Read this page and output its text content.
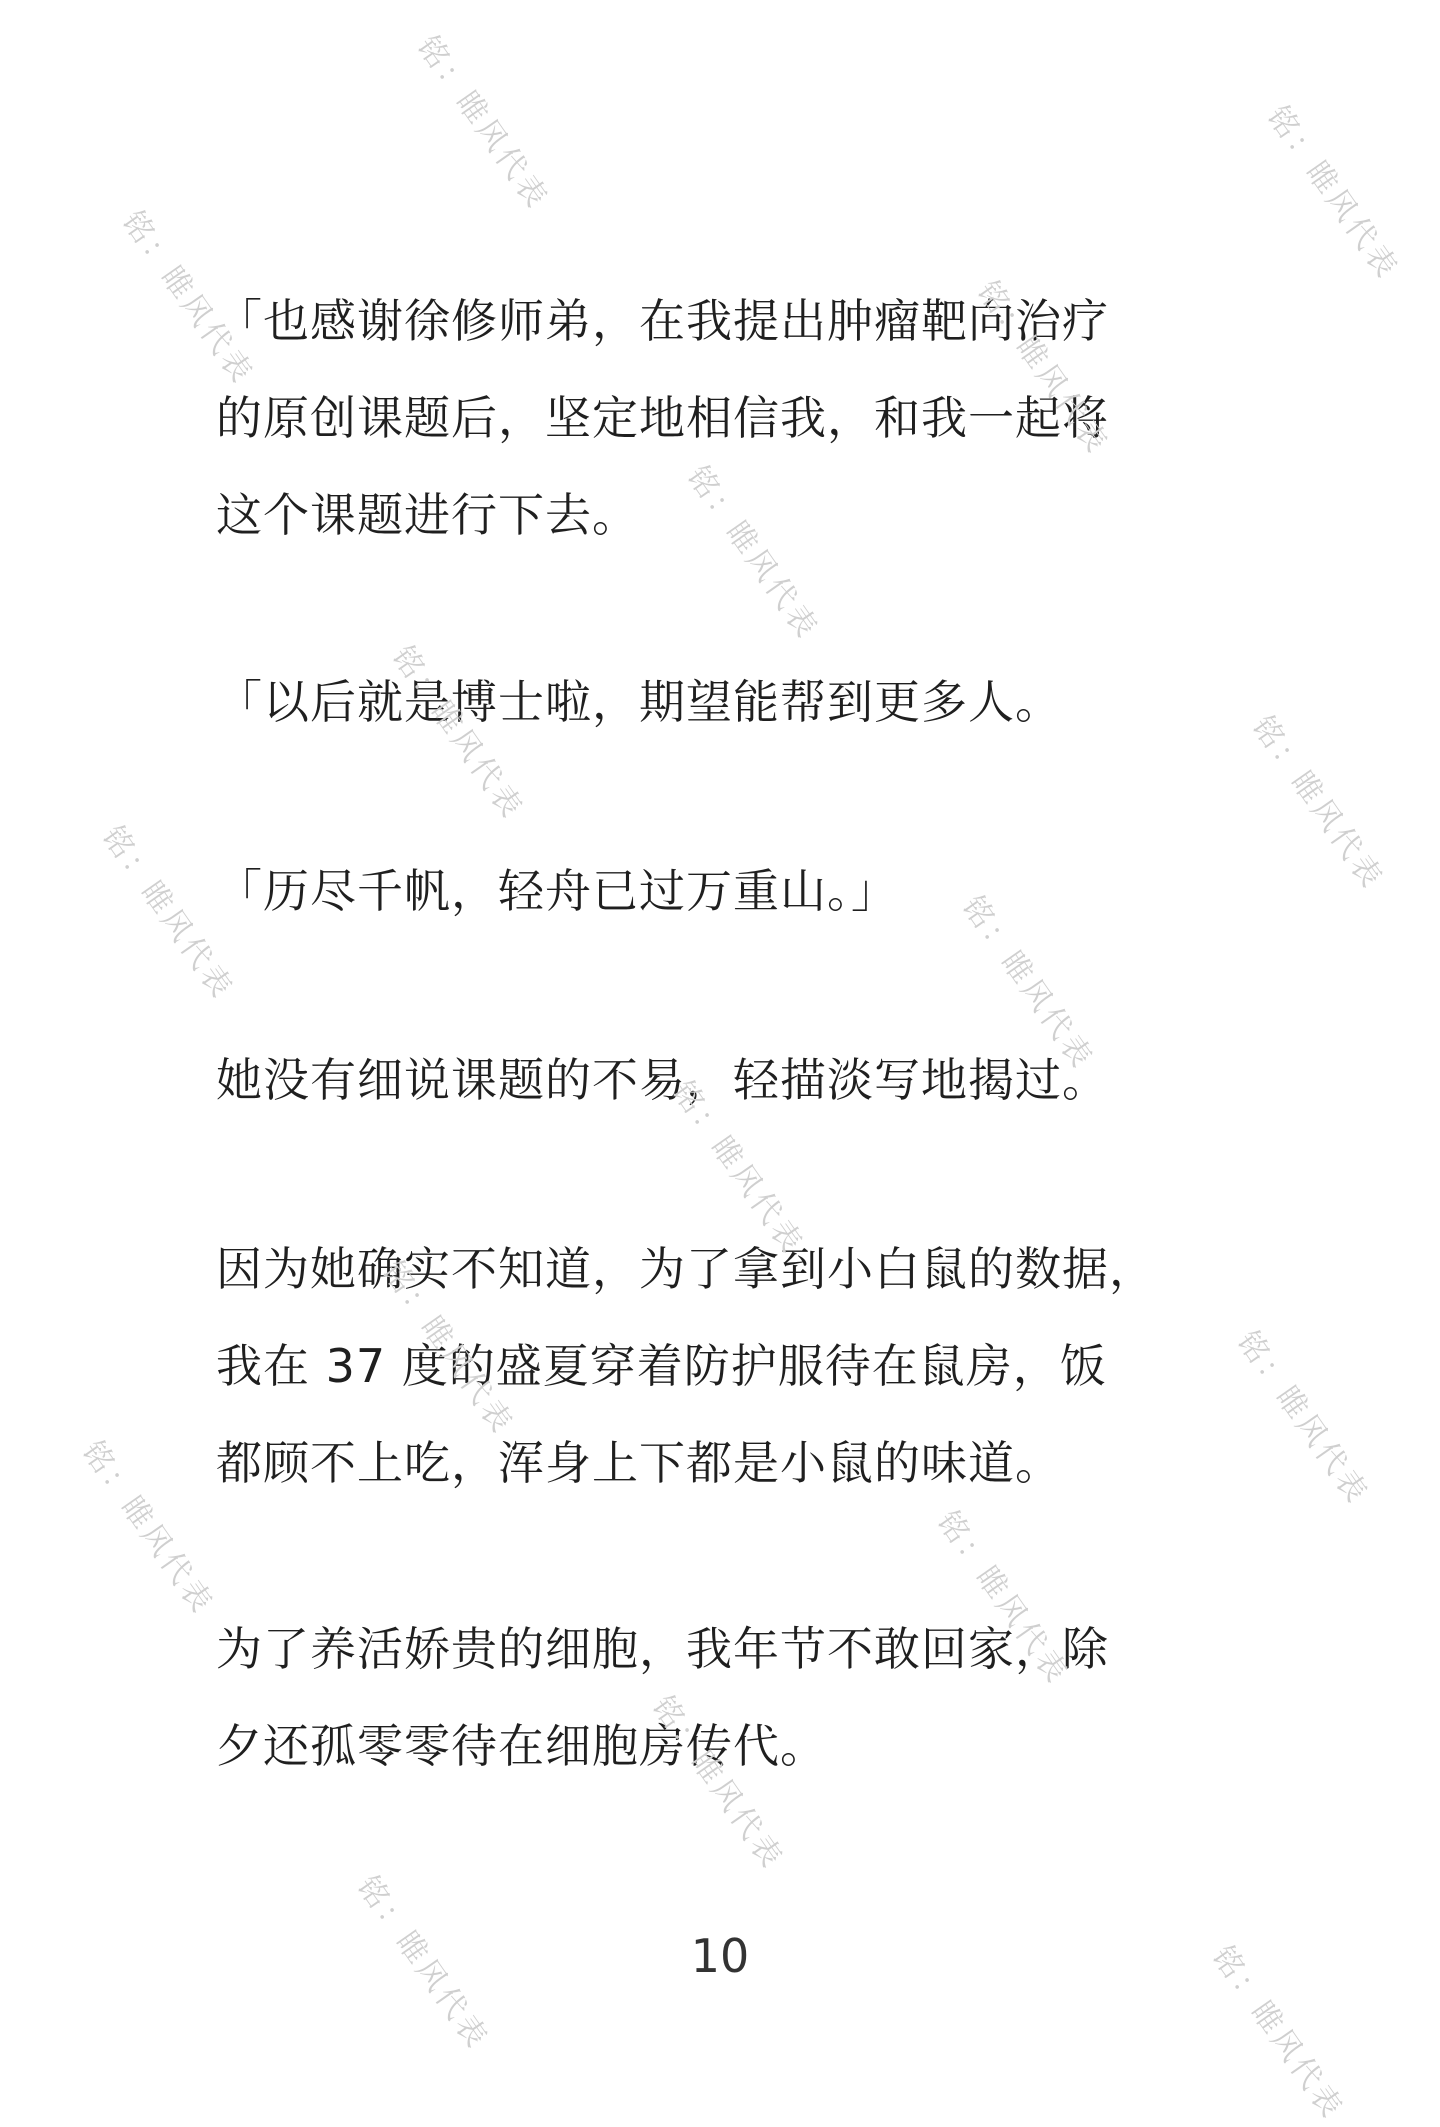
「也感谢徐修师弟，在我提出肿瘤靶向治疗
的原创课题后，坚定地相信我，和我一起将
这个课题进行下去。
「以后就是博士啦，期望能帮到更多人。
「历尽千帆，轻舟已过万重山。」
她没有细说课题的不易，轻描淡写地揭过。
因为她确实不知道，为了拿到小白鼠的数据，
我在 37 度的盛夏穿着防护服待在鼠房，饭
都顾不上吃，浑身上下都是小鼠的味道。
为了养活娇贵的细胞，我年节不敢回家，除
夕还孤零零待在细胞房传代。
10
铭：睢风代表	铭：睢风代表
铭：睢风代表	铭：睢风代表
铭：睢风代表
铭：睢风代表	铭：睢风代表
铭：睢风代表	铭：睢风代表
铭：睢风代表
铭：睢风代表	铭：睢风代表
铭：睢风代表	铭：睢风代表
铭：睢风代表
铭：睢风代表	铭：睢风代表
